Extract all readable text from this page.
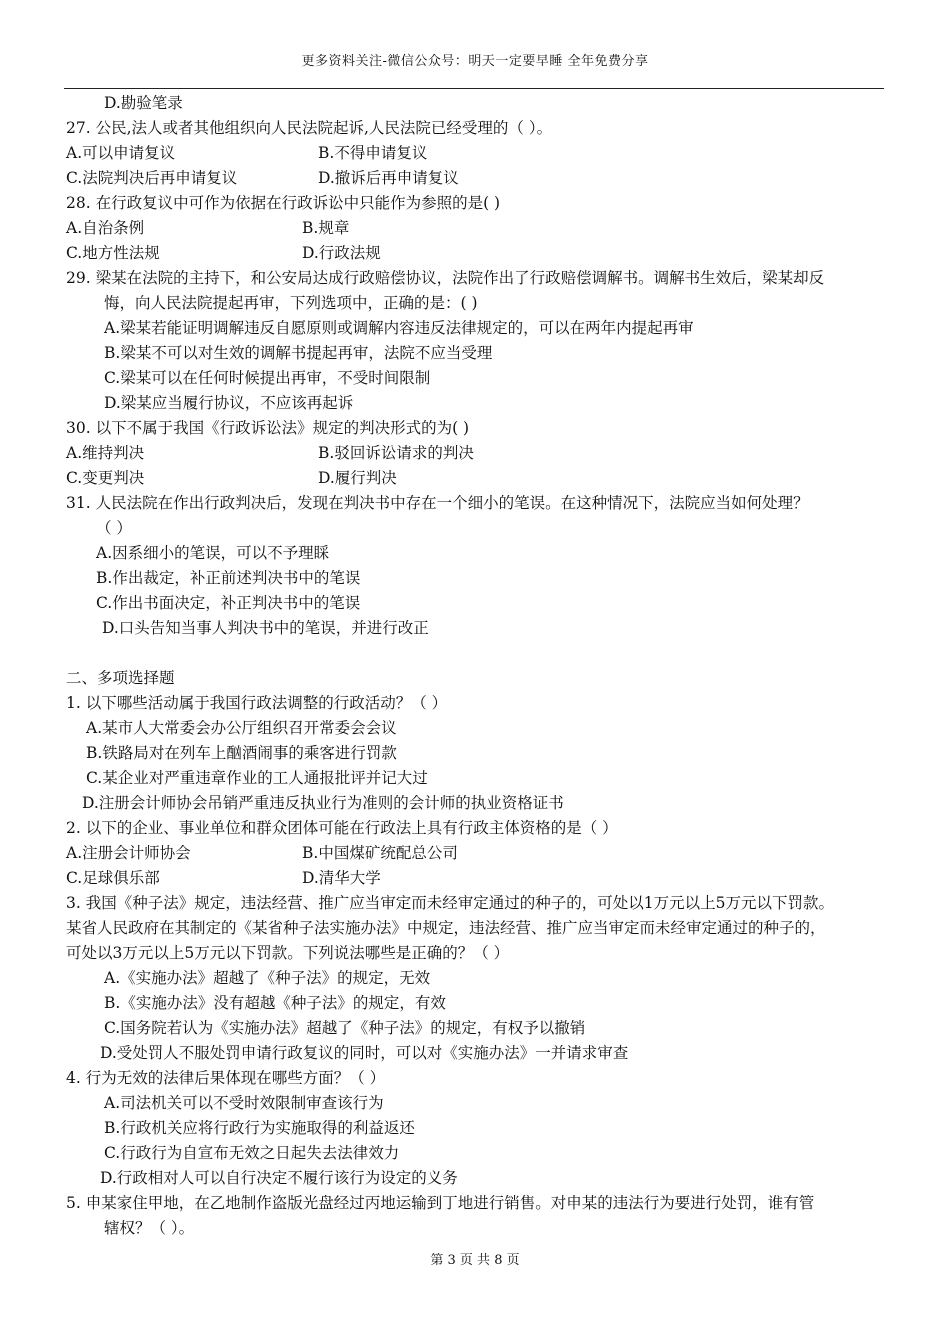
更多资料关注-微信公众号：明天一定要早睡 全年免费分享
D.勘验笔录
27. 公民,法人或者其他组织向人民法院起诉,人民法院已经受理的（ ）。
A.可以申请复议	B.不得申请复议
C.法院判决后再申请复议	D.撤诉后再申请复议
28. 在行政复议中可作为依据在行政诉讼中只能作为参照的是( )
A.自治条例	B.规章
C.地方性法规	D.行政法规
29. 梁某在法院的主持下，和公安局达成行政赔偿协议，法院作出了行政赔偿调解书。调解书生效后，梁某却反
悔，向人民法院提起再审，下列选项中，正确的是：( )
A.梁某若能证明调解违反自愿原则或调解内容违反法律规定的，可以在两年内提起再审
B.梁某不可以对生效的调解书提起再审，法院不应当受理
C.梁某可以在任何时候提出再审，不受时间限制
D.梁某应当履行协议，不应该再起诉
30. 以下不属于我国《行政诉讼法》规定的判决形式的为( )
A.维持判决	B.驳回诉讼请求的判决
C.变更判决	D.履行判决
31. 人民法院在作出行政判决后，发现在判决书中存在一个细小的笔误。在这种情况下，法院应当如何处理？
（ ）
A.因系细小的笔误，可以不予理睬
B.作出裁定，补正前述判决书中的笔误
C.作出书面决定，补正判决书中的笔误
D.口头告知当事人判决书中的笔误，并进行改正
二、多项选择题
1. 以下哪些活动属于我国行政法调整的行政活动？（ ）
A.某市人大常委会办公厅组织召开常委会会议
B.铁路局对在列车上酗酒闹事的乘客进行罚款
C.某企业对严重违章作业的工人通报批评并记大过
D.注册会计师协会吊销严重违反执业行为准则的会计师的执业资格证书
2. 以下的企业、事业单位和群众团体可能在行政法上具有行政主体资格的是（ ）
A.注册会计师协会	B.中国煤矿统配总公司
C.足球俱乐部	D.清华大学
3. 我国《种子法》规定，违法经营、推广应当审定而未经审定通过的种子的，可处以1万元以上5万元以下罚款。
某省人民政府在其制定的《某省种子法实施办法》中规定，违法经营、推广应当审定而未经审定通过的种子的，
可处以3万元以上5万元以下罚款。下列说法哪些是正确的？（ ）
A.《实施办法》超越了《种子法》的规定，无效
B.《实施办法》没有超越《种子法》的规定，有效
C.国务院若认为《实施办法》超越了《种子法》的规定，有权予以撤销
D.受处罚人不服处罚申请行政复议的同时，可以对《实施办法》一并请求审查
4. 行为无效的法律后果体现在哪些方面？（ ）
A.司法机关可以不受时效限制审查该行为
B.行政机关应将行政行为实施取得的利益返还
C.行政行为自宣布无效之日起失去法律效力
D.行政相对人可以自行决定不履行该行为设定的义务
5. 申某家住甲地，在乙地制作盗版光盘经过丙地运输到丁地进行销售。对申某的违法行为要进行处罚，谁有管
辖权？（ ）。
第 3 页 共 8 页
